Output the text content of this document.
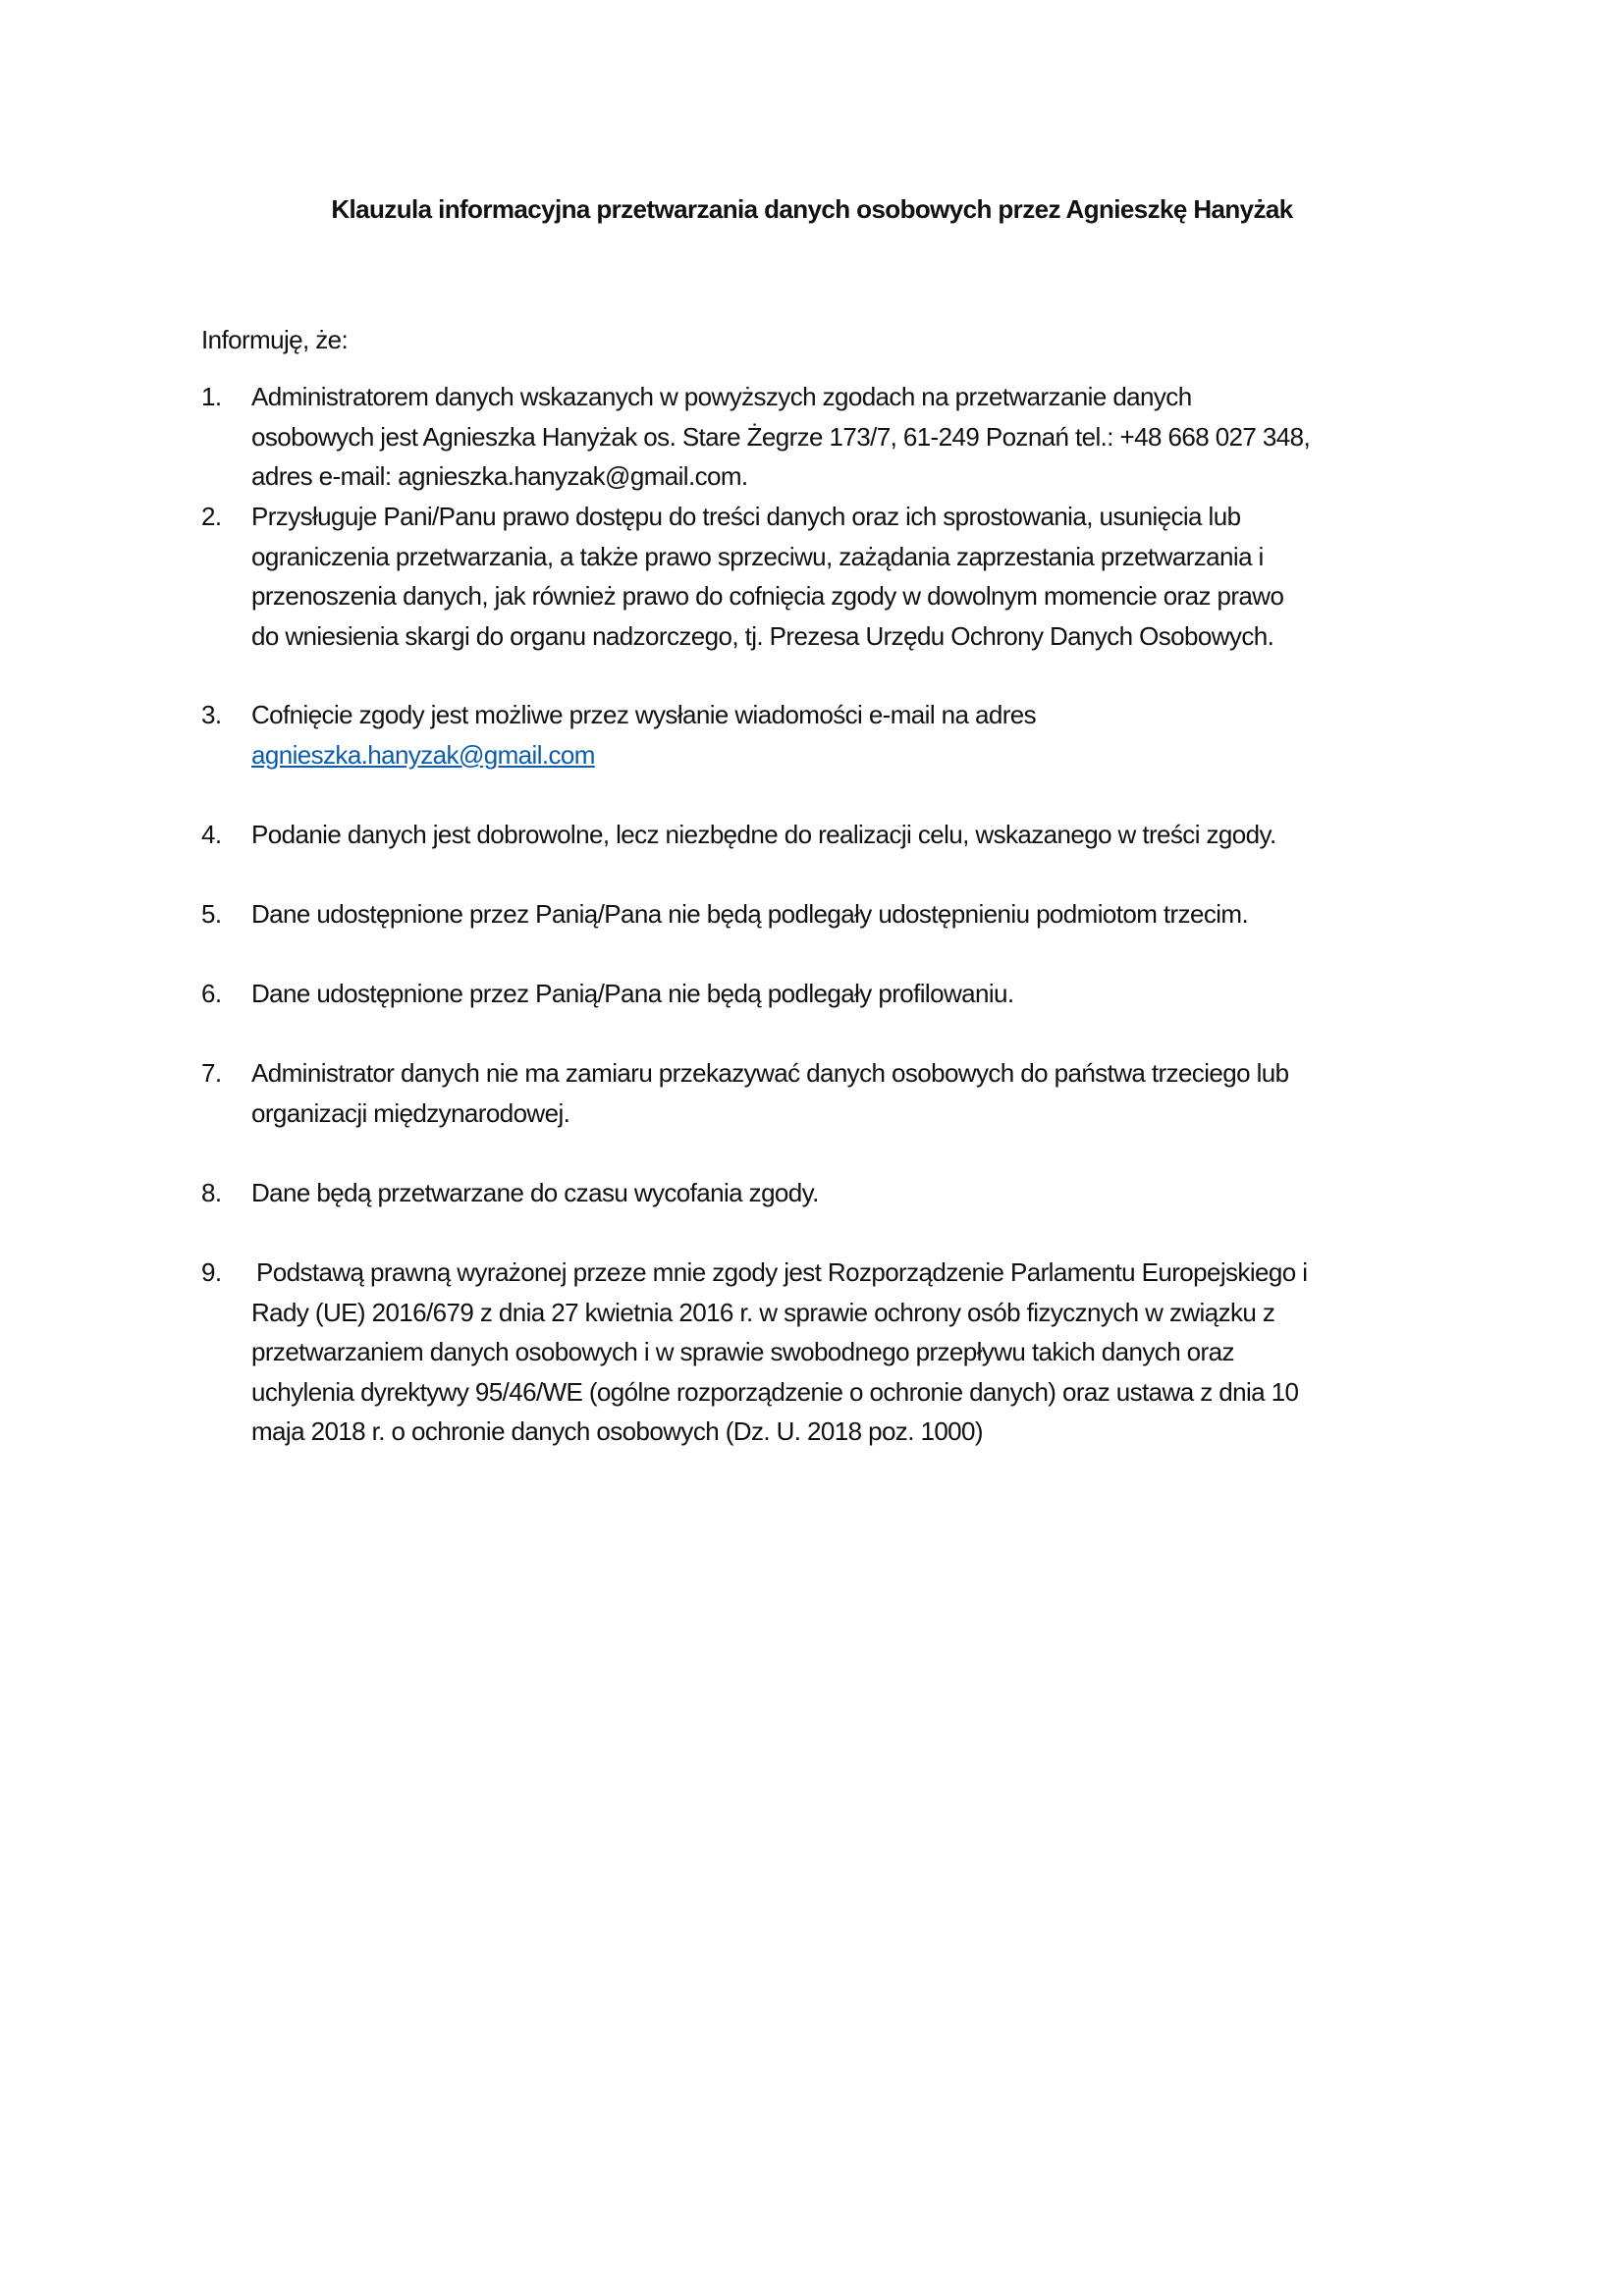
Klauzula informacyjna przetwarzania danych osobowych przez Agnieszkę Hanyżak
Informuję, że:
1.	Administratorem danych wskazanych w powyższych zgodach na przetwarzanie danych
osobowych jest Agnieszka Hanyżak os. Stare Żegrze 173/7, 61-249 Poznań tel.: +48 668 027 348,
adres e-mail: agnieszka.hanyzak@gmail.com.
2.	Przysługuje Pani/Panu prawo dostępu do treści danych oraz ich sprostowania, usunięcia lub
ograniczenia przetwarzania, a także prawo sprzeciwu, zażądania zaprzestania przetwarzania i
przenoszenia danych, jak również prawo do cofnięcia zgody w dowolnym momencie oraz prawo
do wniesienia skargi do organu nadzorczego, tj. Prezesa Urzędu Ochrony Danych Osobowych.
3.	Cofnięcie zgody jest możliwe przez wysłanie wiadomości e-mail na adres
agnieszka.hanyzak@gmail.com
4.	Podanie danych jest dobrowolne, lecz niezbędne do realizacji celu, wskazanego w treści zgody.
5.	Dane udostępnione przez Panią/Pana nie będą podlegały udostępnieniu podmiotom trzecim.
6.	Dane udostępnione przez Panią/Pana nie będą podlegały profilowaniu.
7.	Administrator danych nie ma zamiaru przekazywać danych osobowych do państwa trzeciego lub
organizacji międzynarodowej.
8.	Dane będą przetwarzane do czasu wycofania zgody.
9.	Podstawą prawną wyrażonej przeze mnie zgody jest Rozporządzenie Parlamentu Europejskiego i
Rady (UE) 2016/679 z dnia 27 kwietnia 2016 r. w sprawie ochrony osób fizycznych w związku z
przetwarzaniem danych osobowych i w sprawie swobodnego przepływu takich danych oraz
uchylenia dyrektywy 95/46/WE (ogólne rozporządzenie o ochronie danych) oraz ustawa z dnia 10
maja 2018 r. o ochronie danych osobowych (Dz. U. 2018 poz. 1000)
